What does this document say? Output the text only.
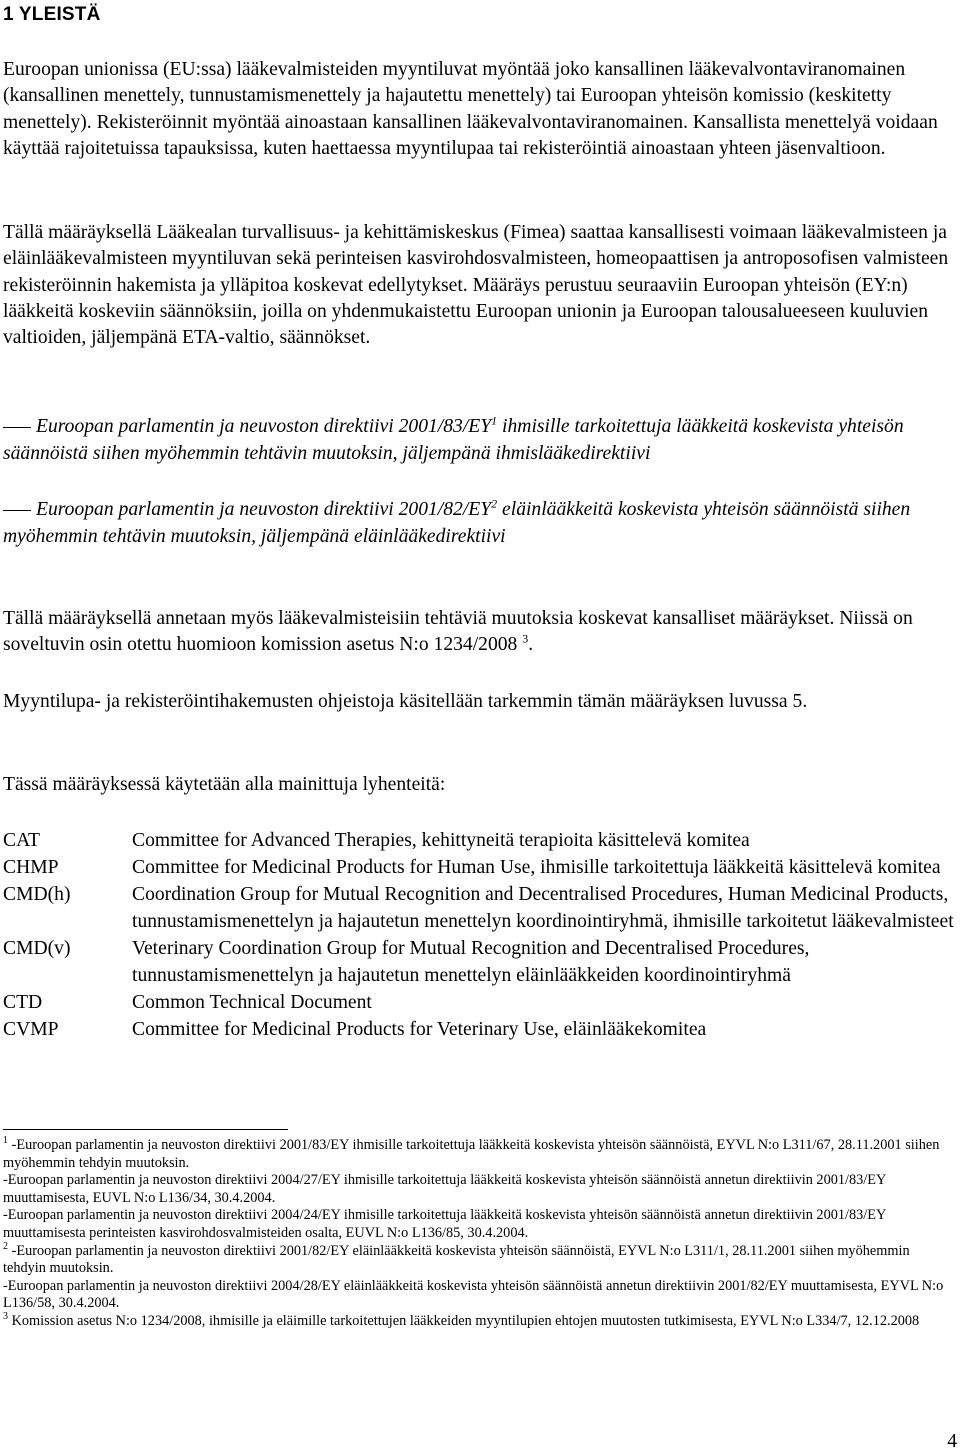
1 YLEISTÄ

Euroopan unionissa (EU:ssa) lääkevalmisteiden myyntiluvat myöntää joko kansallinen lääkevalvontaviranomainen (kansallinen menettely, tunnustamismenettely ja hajautettu menettely) tai Euroopan yhteisön komissio (keskitetty menettely). Rekisteröinnit myöntää ainoastaan kansallinen lääkevalvontaviranomainen. Kansallista menettelyä voidaan käyttää rajoitetuissa tapauksissa, kuten haettaessa myyntilupaa tai rekisteröintiä ainoastaan yhteen jäsenvaltioon.

Tällä määräyksellä Lääkealan turvallisuus- ja kehittämiskeskus (Fimea) saattaa kansallisesti voimaan lääkevalmisteen ja eläinlääkevalmisteen myyntiluvan sekä perinteisen kasvirohdosvalmisteen, homeopaattisen ja antroposofisen valmisteen rekisteröinnin hakemista ja ylläpitoa koskevat edellytykset. Määräys perustuu seuraaviin Euroopan yhteisön (EY:n) lääkkeitä koskeviin säännöksiin, joilla on yhdenmukaistettu Euroopan unionin ja Euroopan talousalueeseen kuuluvien valtioiden, jäljempänä ETA-valtio, säännökset.

Euroopan parlamentin ja neuvoston direktiivi $2001/83/EY^1$ ihmisille tarkoitettuja lääkkeitä koskevista yhteisön säännöistä siihen myöhemmin tehtävin muutoksin, jäljempänä ihmislääkedirektiivi
Euroopan parlamentin ja neuvoston direktiivi $2001/82/EY^2$ eläinlääkkeitä koskevista yhteisön säännöistä siihen myöhemmin tehtävin muutoksin, jäljempänä eläinlääkedirektiivi

Tällä määräyksellä annetaan myös lääkevalmisteisiin tehtäviä muutoksia koskevat kansalliset määräykset. Niissä on soveltuvin osin otettu huomioon komission asetus N:o 1234/2008 $^3$.

Myyntilupa- ja rekisteröintihakemusten ohjeistoja käsitellään tarkemmin tämän määräyksen luvussa 5.

Tässä määräyksessä käytetään alla mainittuja lyhenteitä:

CAT	Committee for Advanced Therapies, kehittyneitä terapioita käsittelevä komitea
CHMP	Committee for Medicinal Products for Human Use, ihmisille tarkoitettuja lääkkeitä käsittelevä komitea
CMD(h)	Coordination Group for Mutual Recognition and Decentralised Procedures, Human Medicinal Products, tunnustamismenettelyn ja hajautetun menettelyn koordinointiryhmä, ihmisille tarkoitetut lääkevalmisteet
CMD(v)	Veterinary Coordination Group for Mutual Recognition and Decentralised Procedures, tunnustamismenettelyn ja hajautetun menettelyn eläinlääkkeiden koordinointiryhmä
CTD	Common Technical Document
CVMP	Committee for Medicinal Products for Veterinary Use, eläinlääkekomitea

$^1$ -Euroopan parlamentin ja neuvoston direktiivi 2001/83/EY ihmisille tarkoitettuja lääkkeitä koskevista yhteisön säännöistä, EYVL N:o L311/67, 28.11.2001 siihen myöhemmin tehdyin muutoksin.

-Euroopan parlamentin ja neuvoston direktiivi 2004/27/EY ihmisille tarkoitettuja lääkkeitä koskevista yhteisön säännöistä annetun direktiivin 2001/83/EY muuttamisesta, EUVL N:o L136/34, 30.4.2004.

-Euroopan parlamentin ja neuvoston direktiivi 2004/24/EY ihmisille tarkoitettuja lääkkeitä koskevista yhteisön säännöistä annetun direktiivin 2001/83/EY muuttamisesta perinteisten kasvirohdosvalmisteiden osalta, EUVL N:o L136/85, 30.4.2004.

$^2$ -Euroopan parlamentin ja neuvoston direktiivi 2001/82/EY eläinlääkkeitä koskevista yhteisön säännöistä, EYVL N:o L311/1, 28.11.2001 siihen myöhemmin tehdyin muutoksin.

-Euroopan parlamentin ja neuvoston direktiivi 2004/28/EY eläinlääkkeitä koskevista yhteisön säännöistä annetun direktiivin 2001/82/EY muuttamisesta, EYVL N:o L136/58, 30.4.2004.

$^3$ Komission asetus N:o 1234/2008, ihmisille ja eläimille tarkoitettujen lääkkeiden myyntilupien ehtojen muutosten tutkimisesta, EYVL N:o L334/7, 12.12.2008

4
